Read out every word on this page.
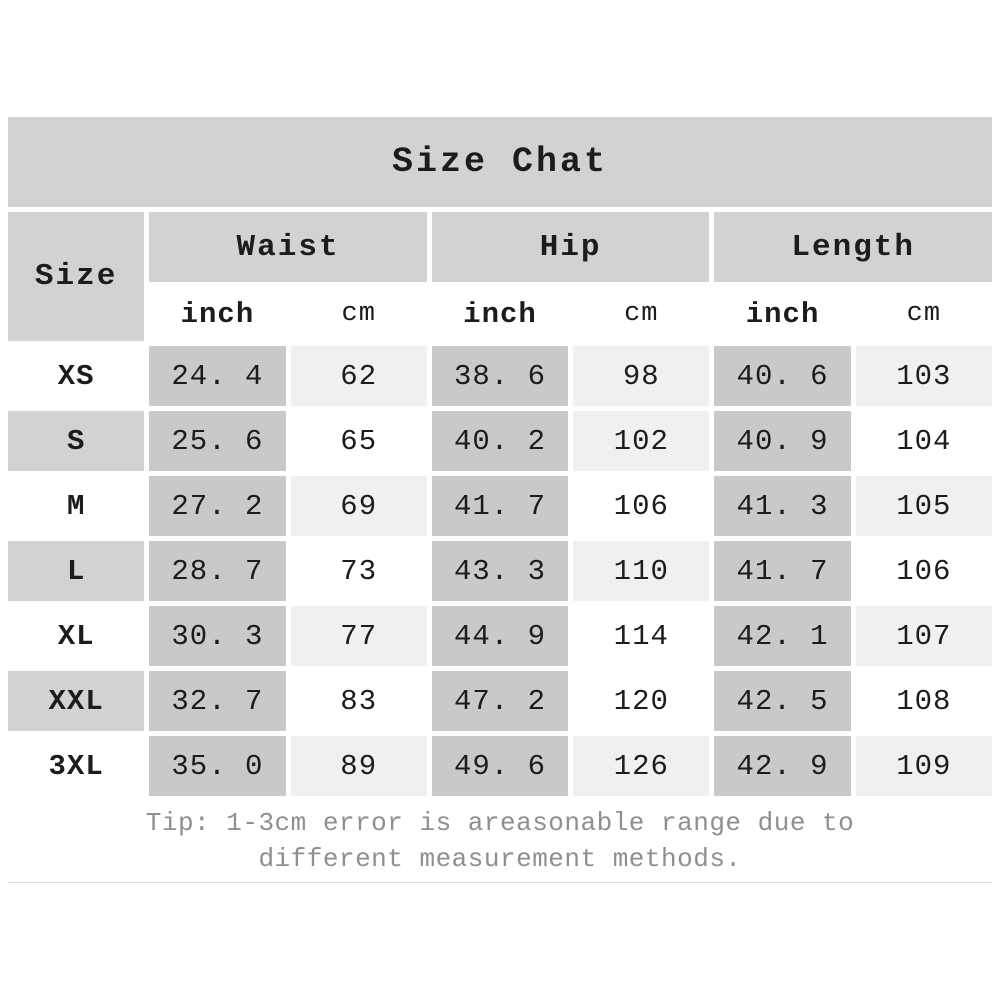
Size Chat
Size
Waist	Hip	Length
inch	cm	inch	cm	inch	cm
XS	24. 4	62	38. 6	98	40. 6	103
S	25. 6	65	40. 2	102	40. 9	104
M	27. 2	69	41. 7	106	41. 3	105
L	28. 7	73	43. 3	110	41. 7	106
XL	30. 3	77	44. 9	114	42. 1	107
XXL	32. 7	83	47. 2	120	42. 5	108
3XL	35. 0	89	49. 6	126	42. 9	109
Tip: 1-3cm error is areasonable range due to
different measurement methods.
